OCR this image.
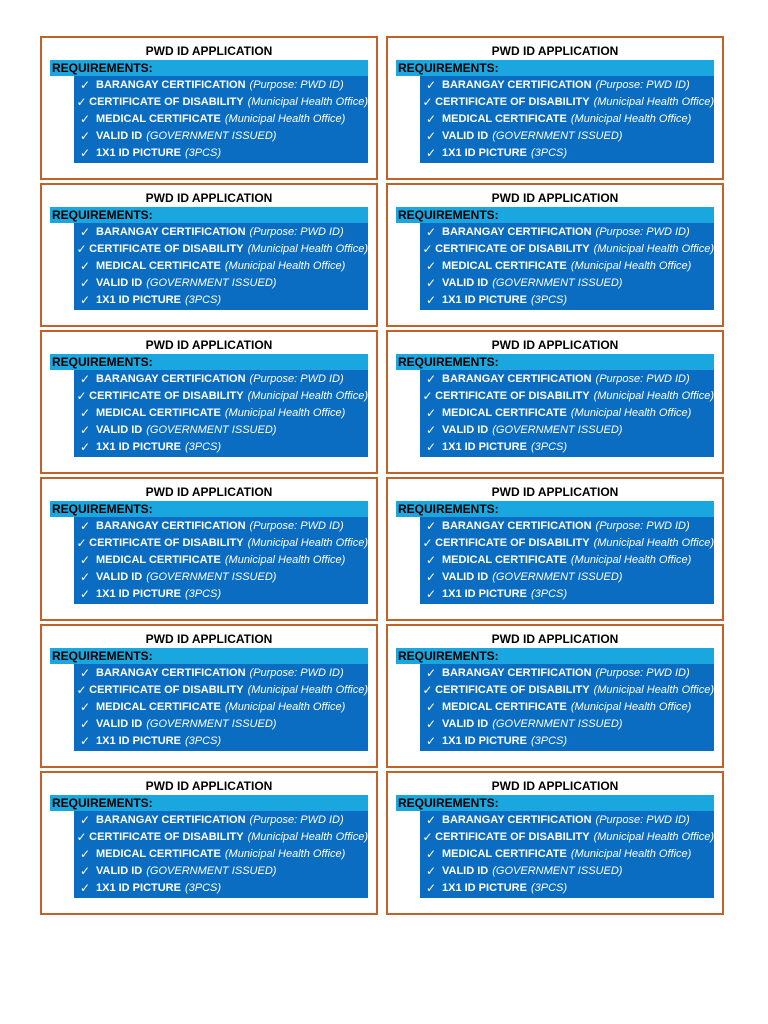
PWD ID APPLICATION
REQUIREMENTS:
✓ BARANGAY CERTIFICATION (Purpose: PWD ID)
✓ CERTIFICATE OF DISABILITY (Municipal Health Office)
✓ MEDICAL CERTIFICATE (Municipal Health Office)
✓ VALID ID (GOVERNMENT ISSUED)
✓ 1X1 ID PICTURE (3PCS)
PWD ID APPLICATION
REQUIREMENTS:
✓ BARANGAY CERTIFICATION (Purpose: PWD ID)
✓ CERTIFICATE OF DISABILITY (Municipal Health Office)
✓ MEDICAL CERTIFICATE (Municipal Health Office)
✓ VALID ID (GOVERNMENT ISSUED)
✓ 1X1 ID PICTURE (3PCS)
PWD ID APPLICATION
REQUIREMENTS:
✓ BARANGAY CERTIFICATION (Purpose: PWD ID)
✓ CERTIFICATE OF DISABILITY (Municipal Health Office)
✓ MEDICAL CERTIFICATE (Municipal Health Office)
✓ VALID ID (GOVERNMENT ISSUED)
✓ 1X1 ID PICTURE (3PCS)
PWD ID APPLICATION
REQUIREMENTS:
✓ BARANGAY CERTIFICATION (Purpose: PWD ID)
✓ CERTIFICATE OF DISABILITY (Municipal Health Office)
✓ MEDICAL CERTIFICATE (Municipal Health Office)
✓ VALID ID (GOVERNMENT ISSUED)
✓ 1X1 ID PICTURE (3PCS)
PWD ID APPLICATION
REQUIREMENTS:
✓ BARANGAY CERTIFICATION (Purpose: PWD ID)
✓ CERTIFICATE OF DISABILITY (Municipal Health Office)
✓ MEDICAL CERTIFICATE (Municipal Health Office)
✓ VALID ID (GOVERNMENT ISSUED)
✓ 1X1 ID PICTURE (3PCS)
PWD ID APPLICATION
REQUIREMENTS:
✓ BARANGAY CERTIFICATION (Purpose: PWD ID)
✓ CERTIFICATE OF DISABILITY (Municipal Health Office)
✓ MEDICAL CERTIFICATE (Municipal Health Office)
✓ VALID ID (GOVERNMENT ISSUED)
✓ 1X1 ID PICTURE (3PCS)
PWD ID APPLICATION
REQUIREMENTS:
✓ BARANGAY CERTIFICATION (Purpose: PWD ID)
✓ CERTIFICATE OF DISABILITY (Municipal Health Office)
✓ MEDICAL CERTIFICATE (Municipal Health Office)
✓ VALID ID (GOVERNMENT ISSUED)
✓ 1X1 ID PICTURE (3PCS)
PWD ID APPLICATION
REQUIREMENTS:
✓ BARANGAY CERTIFICATION (Purpose: PWD ID)
✓ CERTIFICATE OF DISABILITY (Municipal Health Office)
✓ MEDICAL CERTIFICATE (Municipal Health Office)
✓ VALID ID (GOVERNMENT ISSUED)
✓ 1X1 ID PICTURE (3PCS)
PWD ID APPLICATION
REQUIREMENTS:
✓ BARANGAY CERTIFICATION (Purpose: PWD ID)
✓ CERTIFICATE OF DISABILITY (Municipal Health Office)
✓ MEDICAL CERTIFICATE (Municipal Health Office)
✓ VALID ID (GOVERNMENT ISSUED)
✓ 1X1 ID PICTURE (3PCS)
PWD ID APPLICATION
REQUIREMENTS:
✓ BARANGAY CERTIFICATION (Purpose: PWD ID)
✓ CERTIFICATE OF DISABILITY (Municipal Health Office)
✓ MEDICAL CERTIFICATE (Municipal Health Office)
✓ VALID ID (GOVERNMENT ISSUED)
✓ 1X1 ID PICTURE (3PCS)
PWD ID APPLICATION
REQUIREMENTS:
✓ BARANGAY CERTIFICATION (Purpose: PWD ID)
✓ CERTIFICATE OF DISABILITY (Municipal Health Office)
✓ MEDICAL CERTIFICATE (Municipal Health Office)
✓ VALID ID (GOVERNMENT ISSUED)
✓ 1X1 ID PICTURE (3PCS)
PWD ID APPLICATION
REQUIREMENTS:
✓ BARANGAY CERTIFICATION (Purpose: PWD ID)
✓ CERTIFICATE OF DISABILITY (Municipal Health Office)
✓ MEDICAL CERTIFICATE (Municipal Health Office)
✓ VALID ID (GOVERNMENT ISSUED)
✓ 1X1 ID PICTURE (3PCS)
